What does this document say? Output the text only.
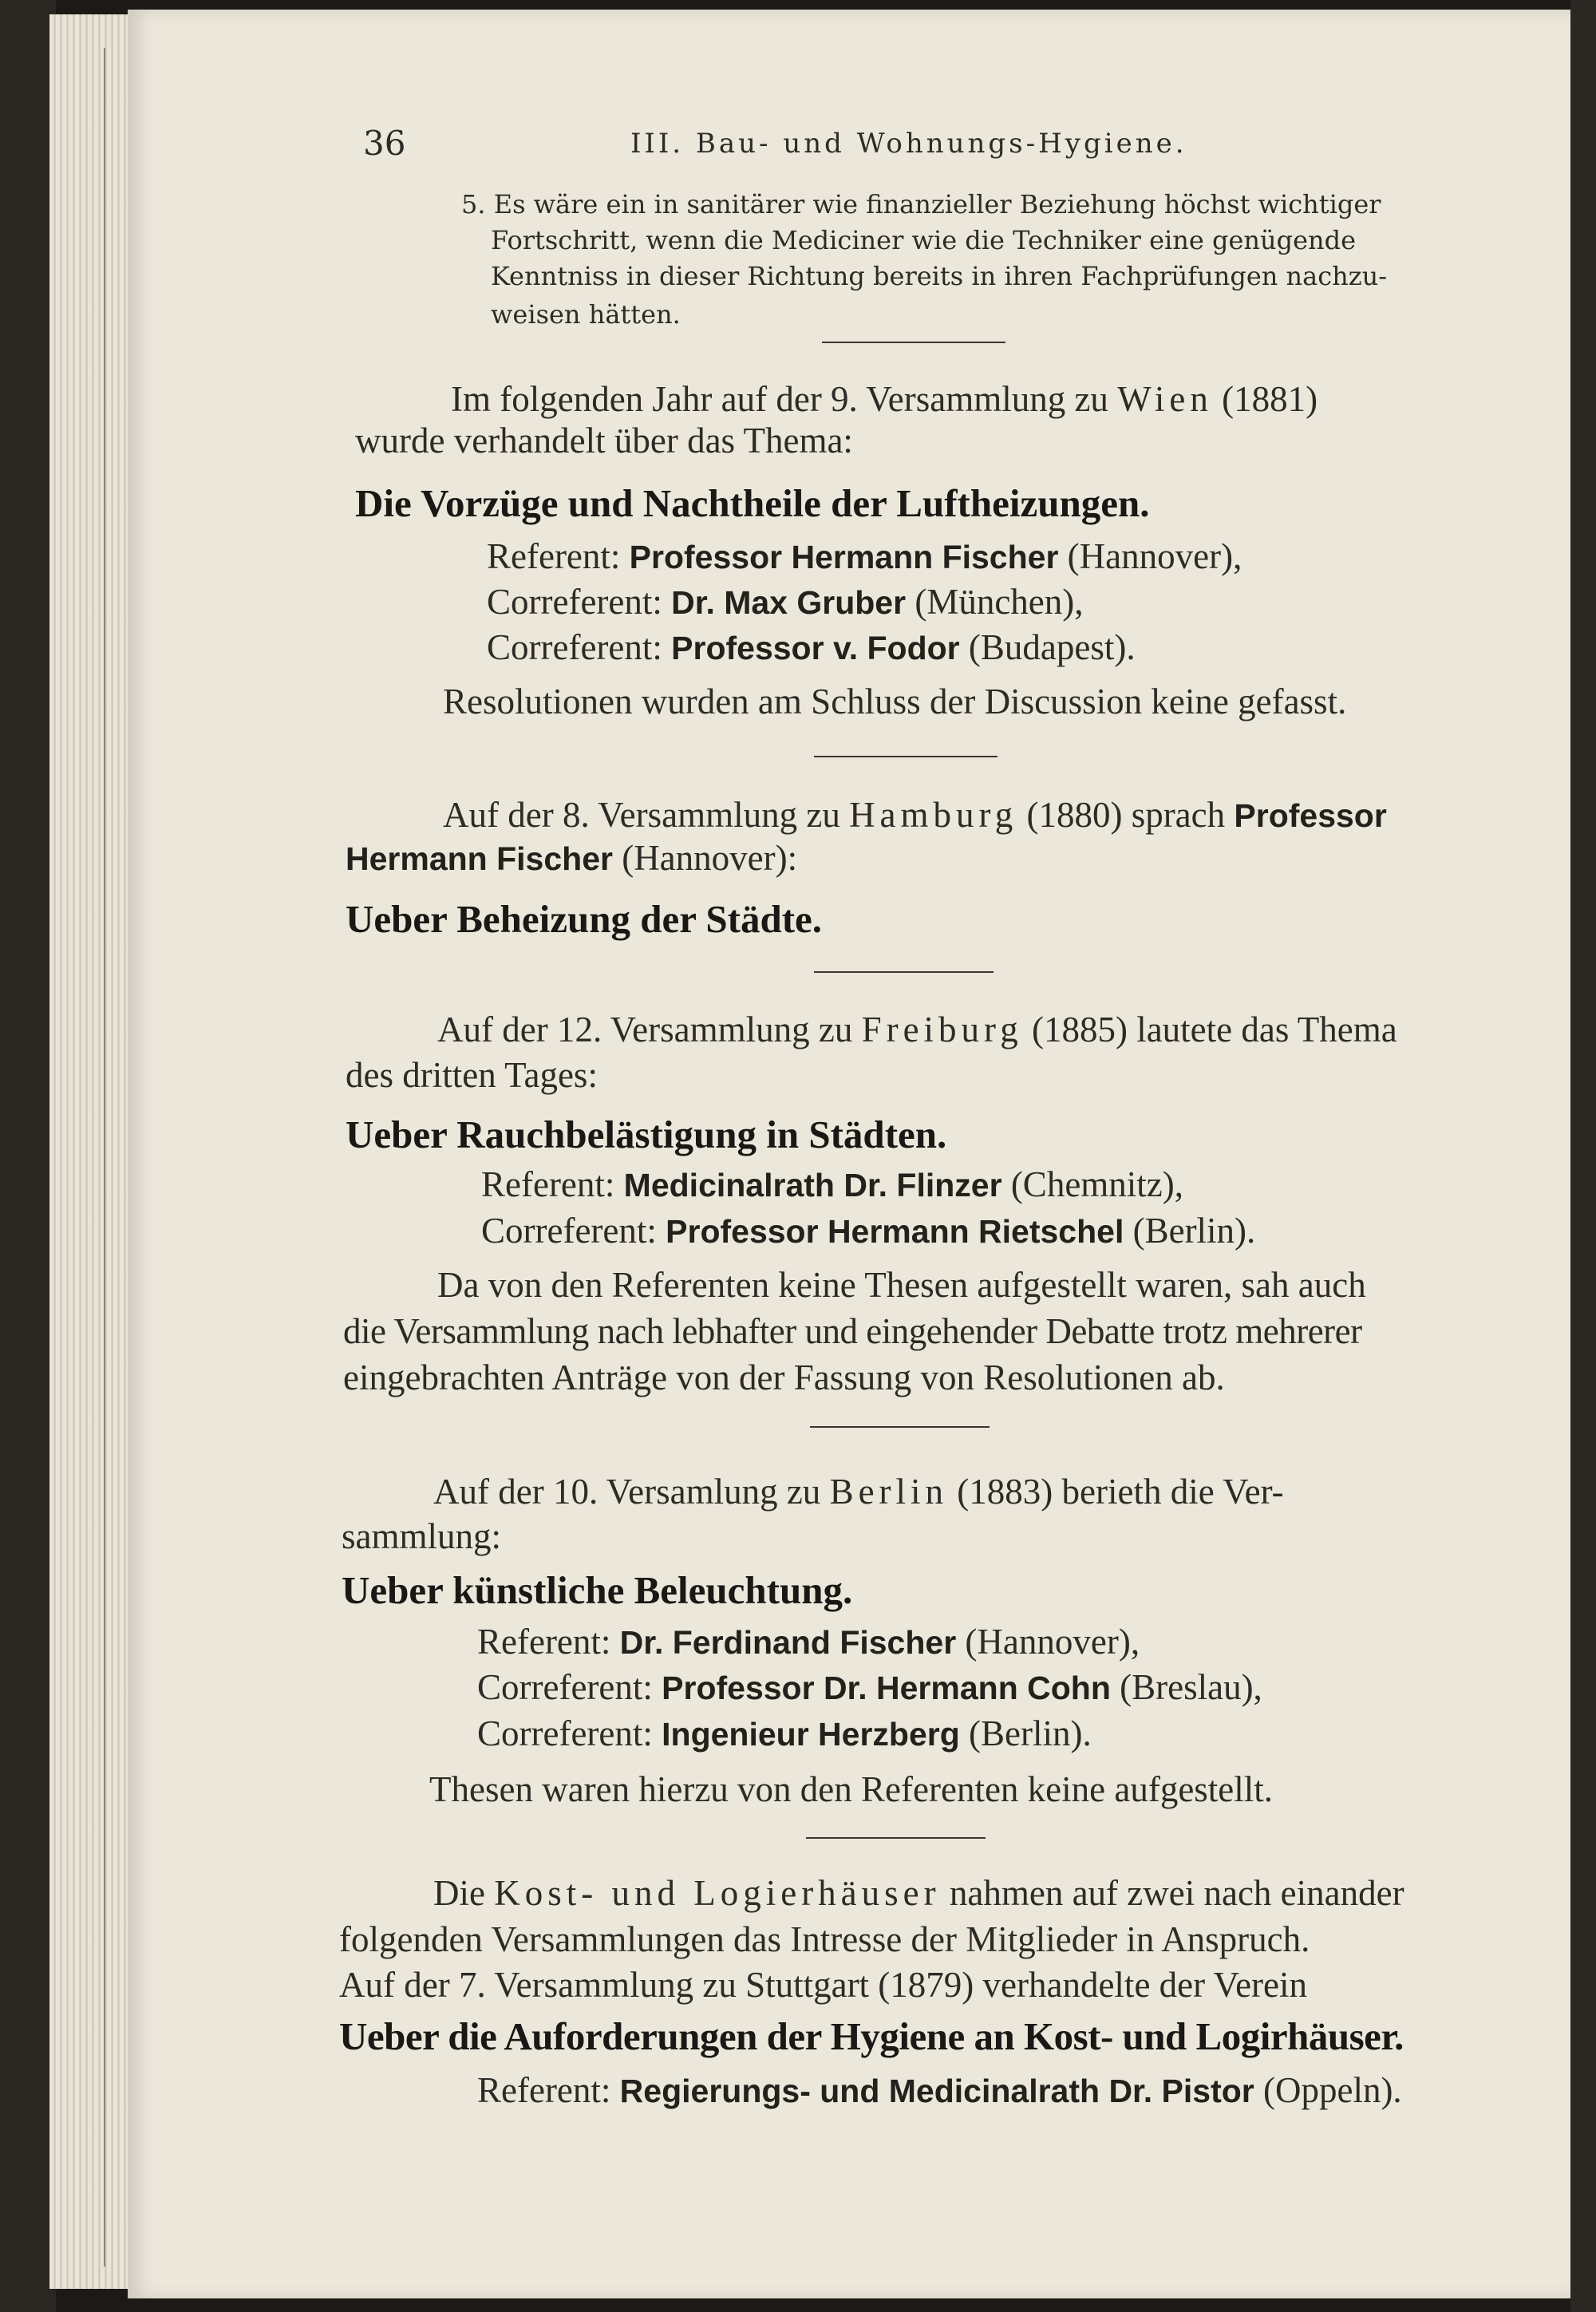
36	III. Bau- und Wohnungs-Hygiene.
5. Es wäre ein in sanitärer wie finanzieller Beziehung höchst wichtiger
Fortschritt, wenn die Mediciner wie die Techniker eine genügende
Kenntniss in dieser Richtung bereits in ihren Fachprüfungen nachzu-
weisen hätten.
Im folgenden Jahr auf der 9. Versammlung zu Wien (1881)
wurde verhandelt über das Thema:
Die Vorzüge und Nachtheile der Luftheizungen.
Referent: Professor Hermann Fischer (Hannover),
Correferent: Dr. Max Gruber (München),
Correferent: Professor v. Fodor (Budapest).
Resolutionen wurden am Schluss der Discussion keine gefasst.
Auf der 8. Versammlung zu Hamburg (1880) sprach Professor
Hermann Fischer (Hannover):
Ueber Beheizung der Städte.
Auf der 12. Versammlung zu Freiburg (1885) lautete das Thema
des dritten Tages:
Ueber Rauchbelästigung in Städten.
Referent: Medicinalrath Dr. Flinzer (Chemnitz),
Correferent: Professor Hermann Rietschel (Berlin).
Da von den Referenten keine Thesen aufgestellt waren, sah auch
die Versammlung nach lebhafter und eingehender Debatte trotz mehrerer
eingebrachten Anträge von der Fassung von Resolutionen ab.
Auf der 10. Versamlung zu Berlin (1883) berieth die Ver-
sammlung:
Ueber künstliche Beleuchtung.
Referent: Dr. Ferdinand Fischer (Hannover),
Correferent: Professor Dr. Hermann Cohn (Breslau),
Correferent: Ingenieur Herzberg (Berlin).
Thesen waren hierzu von den Referenten keine aufgestellt.
Die Kost- und Logierhäuser nahmen auf zwei nach einander
folgenden Versammlungen das Intresse der Mitglieder in Anspruch.
Auf der 7. Versammlung zu Stuttgart (1879) verhandelte der Verein
Ueber die Auforderungen der Hygiene an Kost- und Logirhäuser.
Referent: Regierungs- und Medicinalrath Dr. Pistor (Oppeln).
